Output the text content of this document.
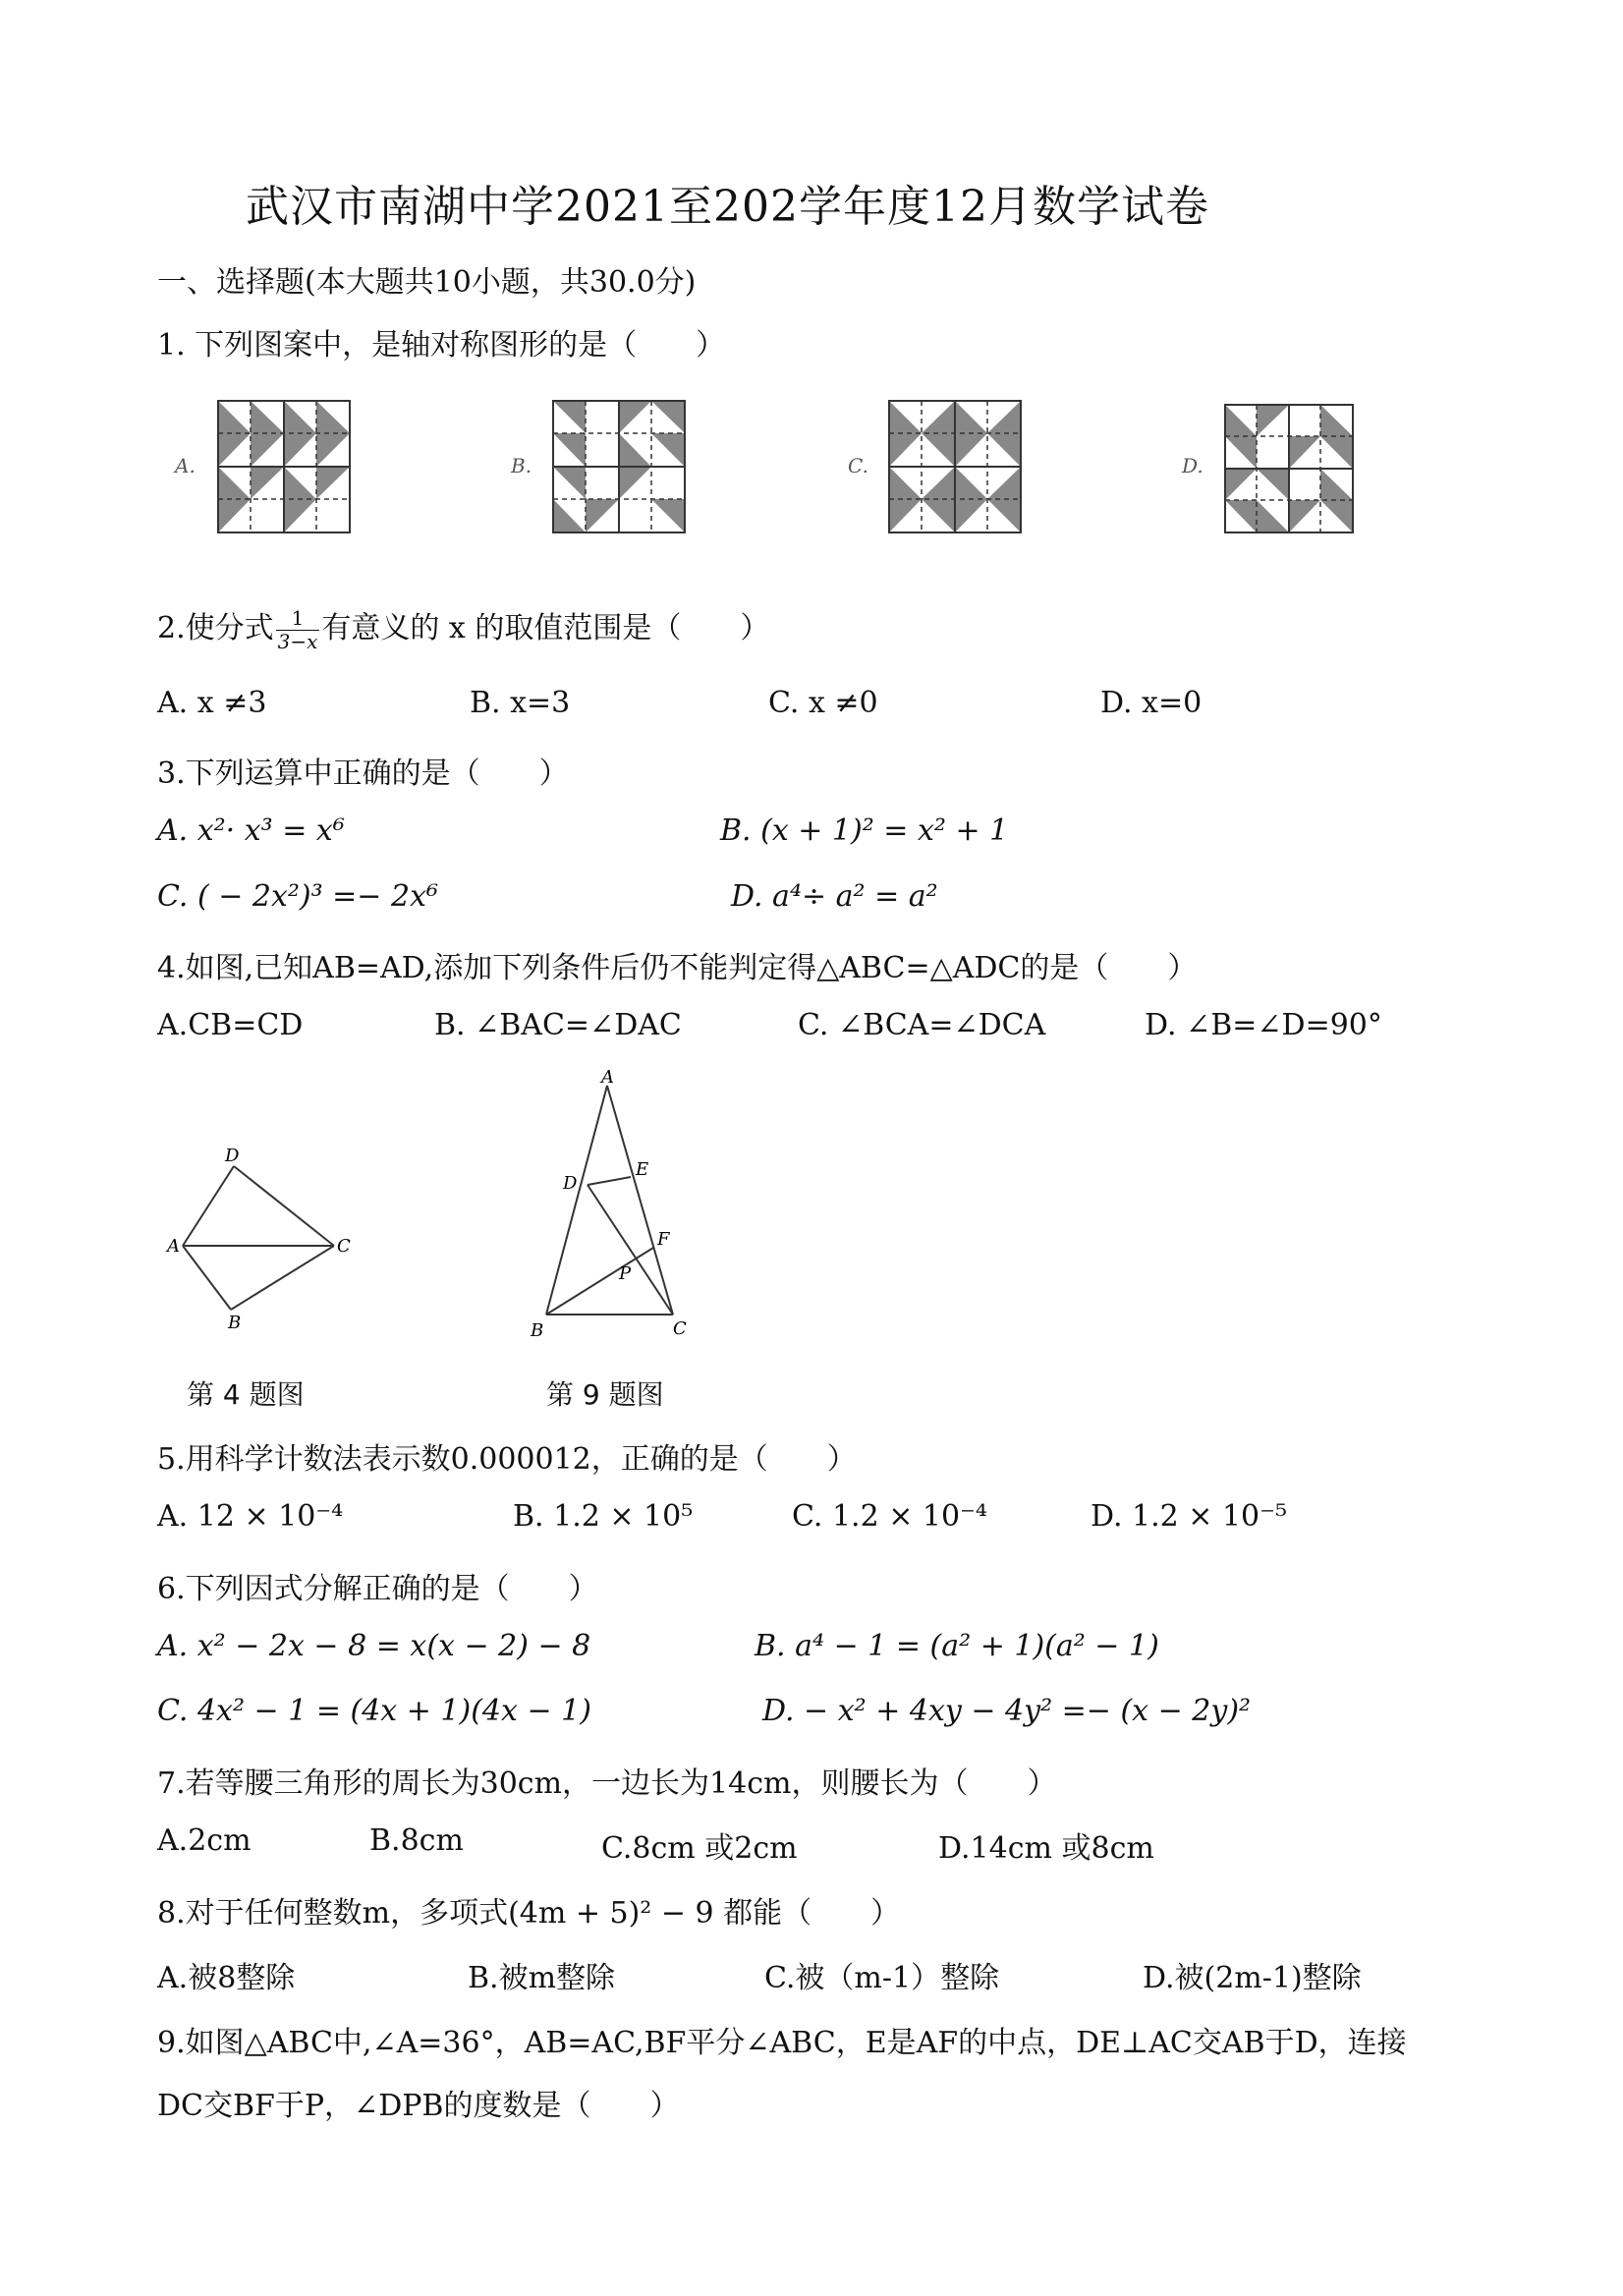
武汉市南湖中学2021至202学年度12月数学试卷
一、选择题(本大题共10小题，共30.0分)
1. 下列图案中，是轴对称图形的是（　　）
A.	B.	C.	D.
2.使分式 $\frac{1}{3-x}$ 有意义的 x 的取值范围是（　　）
A. x ≠3	B. x=3	C. x ≠0	D. x=0
3.下列运算中正确的是（　　）
A. x²· x³ = x⁶	B. (x + 1)² = x² + 1
C. ( − 2x²)³ =− 2x⁶	D. a⁴÷ a² = a²
4.如图,已知AB=AD,添加下列条件后仍不能判定得△ABC=△ADC的是（　　）
A.CB=CD	B. ∠BAC=∠DAC	C. ∠BCA=∠DCA	D. ∠B=∠D=90°
D
A	C
B
第 4 题图
A
D
E
F
P
B	C
第 9 题图
5.用科学计数法表示数0.000012，正确的是（　　）
A. 12 × 10⁻⁴	B. 1.2 × 10⁵	C. 1.2 × 10⁻⁴	D. 1.2 × 10⁻⁵
6.下列因式分解正确的是（　　）
A. x² − 2x − 8 = x(x − 2) − 8	B. a⁴ − 1 = (a² + 1)(a² − 1)
C. 4x² − 1 = (4x + 1)(4x − 1)	D. − x² + 4xy − 4y² =− (x − 2y)²
7.若等腰三角形的周长为30cm，一边长为14cm，则腰长为（　　）
A.2cm	B.8cm	C.8cm 或2cm	D.14cm 或8cm
8.对于任何整数m，多项式(4m + 5)² − 9 都能（　　）
A.被8整除	B.被m整除	C.被（m-1）整除	D.被(2m-1)整除
9.如图△ABC中,∠A=36°，AB=AC,BF平分∠ABC，E是AF的中点，DE⊥AC交AB于D，连接
DC交BF于P，∠DPB的度数是（　　）
